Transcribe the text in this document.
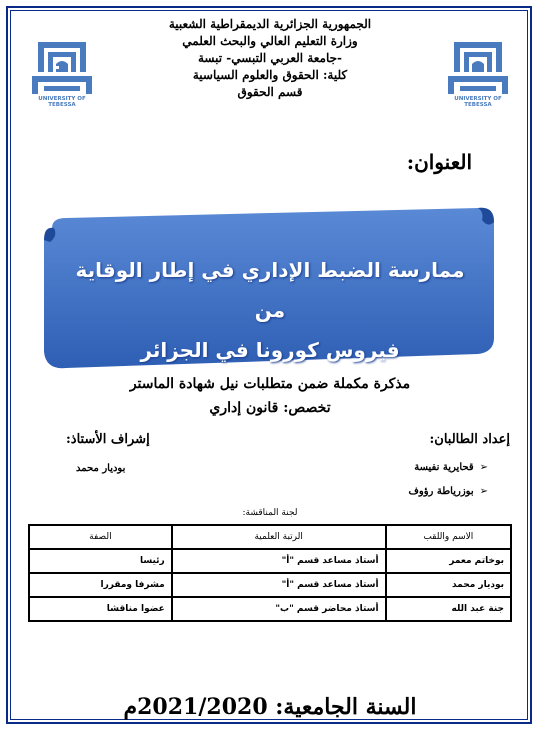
الجمهورية الجزائرية الديمقراطية الشعبية
وزارة التعليم العالي والبحث العلمي
-جامعة العربي التبسي- تبسة
كلية: الحقوق والعلوم السياسية
قسم الحقوق
UNIVERSITY OF TEBESSA
UNIVERSITY OF TEBESSA
العنوان:
ممارسة الضبط الإداري في إطار الوقاية من
فيروس كورونا في الجزائر
مذكرة مكملة ضمن متطلبات نيل شهادة الماستر
تخصص: قانون إداري
إعداد الطالبان:
➢قحايرية نفيسة
➢بوزرياطة رؤوف
إشراف الأستاذ:
بوديار محمد
لجنة المناقشة:
الاسم واللقب	الرتبة العلمية	الصفة
بوخاتم معمر	أستاذ مساعد قسم "أ"	رئيسا
بوديار محمد	أستاذ مساعد قسم "أ"	مشرفا ومقررا
جنة عبد الله	أستاذ محاضر قسم "ب"	عضوا مناقشا
السنة الجامعية: 2021/2020م
